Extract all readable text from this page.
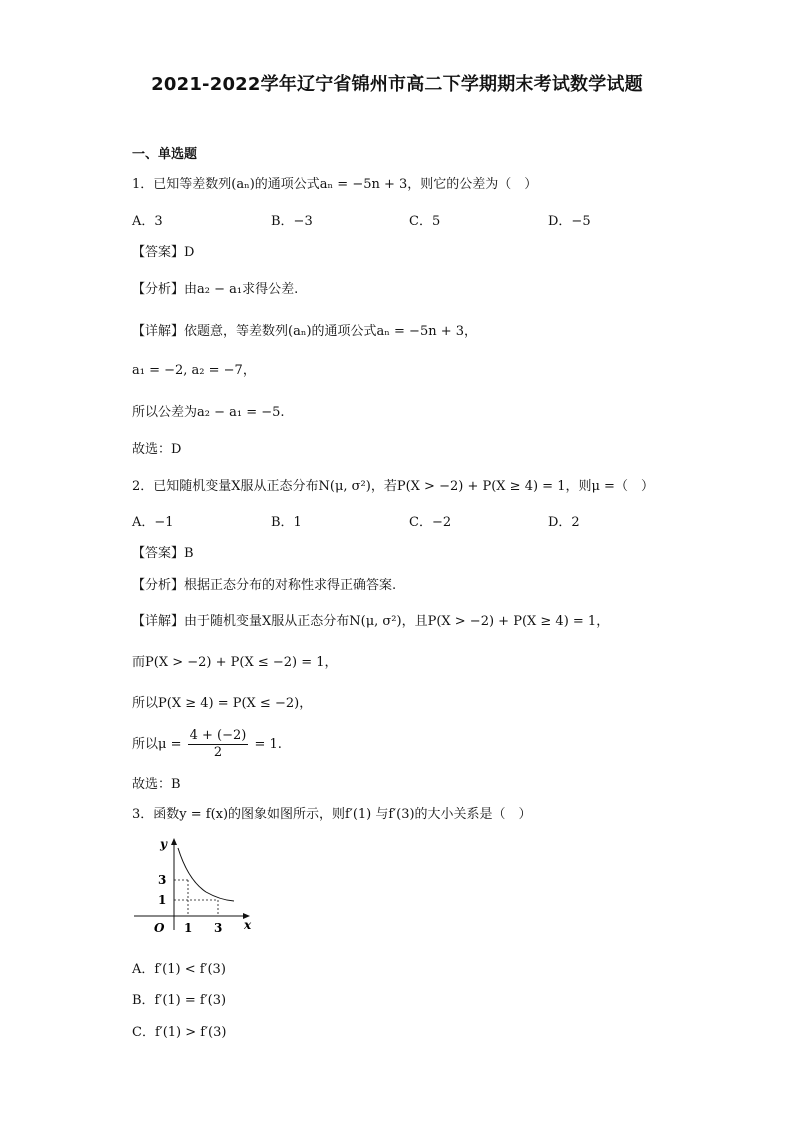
2021-2022学年辽宁省锦州市高二下学期期末考试数学试题
一、单选题
1．已知等差数列(aₙ)的通项公式aₙ = −5n + 3，则它的公差为（　）
A．3	B．−3	C．5	D．−5
【答案】D
【分析】由a₂ − a₁求得公差.
【详解】依题意，等差数列(aₙ)的通项公式aₙ = −5n + 3，
a₁ = −2, a₂ = −7，
所以公差为a₂ − a₁ = −5.
故选：D
2．已知随机变量X服从正态分布N(μ, σ²)，若P(X > −2) + P(X ≥ 4) = 1，则μ =（　）
A．−1	B．1	C．−2	D．2
【答案】B
【分析】根据正态分布的对称性求得正确答案.
【详解】由于随机变量X服从正态分布N(μ, σ²)，且P(X > −2) + P(X ≥ 4) = 1，
而P(X > −2) + P(X ≤ −2) = 1，
所以P(X ≥ 4) = P(X ≤ −2)，
所以$\mu = \frac{4 + (-2)}{2} = 1$.
故选：B
3．函数y = f(x)的图象如图所示，则f′(1) 与f′(3)的大小关系是（　）
y
x
O
3
1
1 3
A．f′(1) < f′(3)
B．f′(1) = f′(3)
C．f′(1) > f′(3)
